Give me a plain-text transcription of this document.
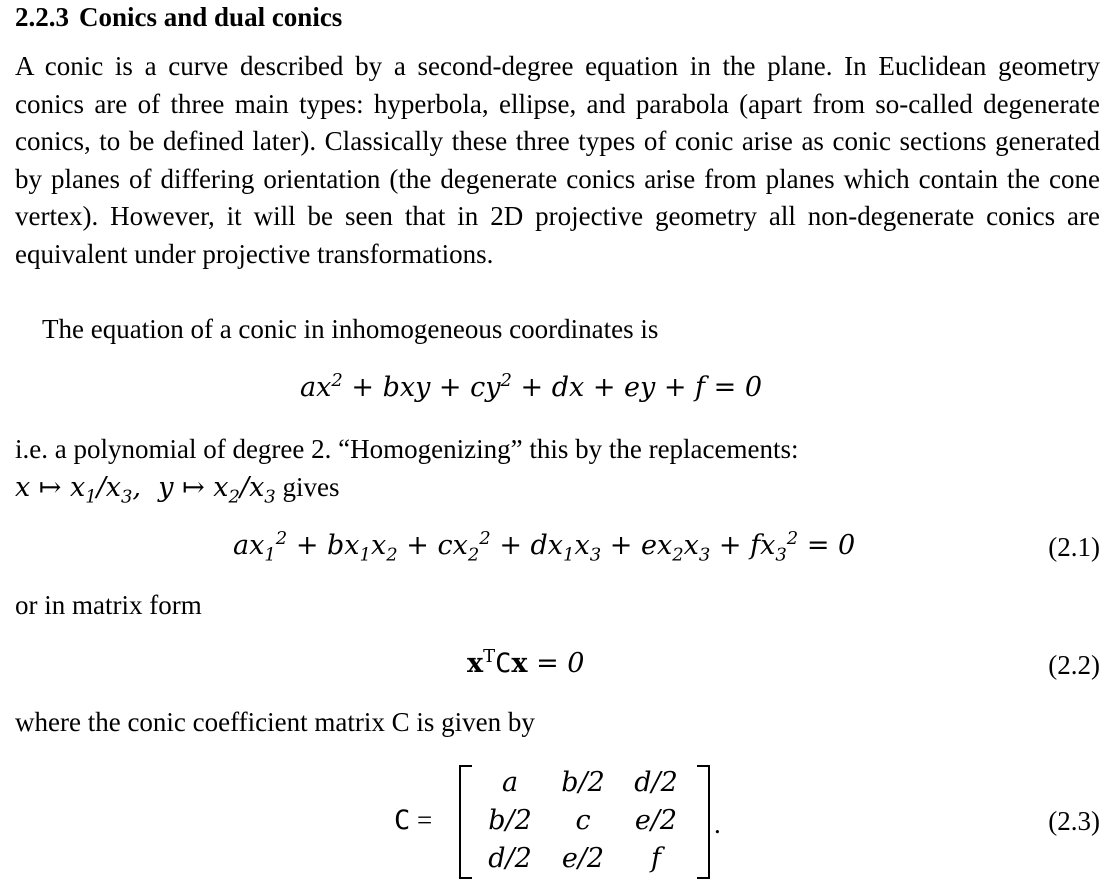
2.2.3 Conics and dual conics
A conic is a curve described by a second-degree equation in the plane. In Euclidean geometry conics are of three main types: hyperbola, ellipse, and parabola (apart from so-called degenerate conics, to be defined later). Classically these three types of conic arise as conic sections generated by planes of differing orientation (the degenerate conics arise from planes which contain the cone vertex). However, it will be seen that in 2D projective geometry all non-degenerate conics are equivalent under projective transformations.
The equation of a conic in inhomogeneous coordinates is
$ax^2$ + bxy + $cy^2$ + dx + ey + f = 0
i.e. a polynomial of degree 2. “Homogenizing” this by the replacements:
x ↦ $x_1/x_3$,  y ↦ $x_2/x_3$ gives
$ax_1^2 + bx_1x_2 + cx_2^2 + dx_1x_3 + ex_2x_3 + fx_3^2 = 0$	(2.1)
or in matrix form
$x^TCx = 0$	(2.2)
where the conic coefficient matrix C is given by
C =
a	b/2	d/2
b/2	c	e/2
d/2	e/2	f
.	(2.3)
